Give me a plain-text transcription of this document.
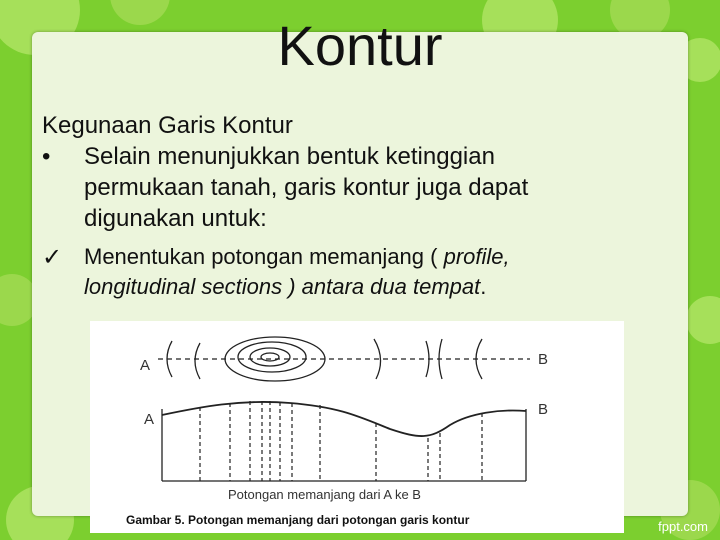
Kontur
Kegunaan Garis Kontur
•	Selain menunjukkan bentuk ketinggian
permukaan tanah, garis kontur juga dapat
digunakan untuk:
✓ Menentukan potongan memanjang ( profile,
longitudinal sections ) antara dua tempat.
A	B
A
B
Potongan memanjang dari A ke B
Gambar 5. Potongan memanjang dari potongan garis kontur	fppt.com
